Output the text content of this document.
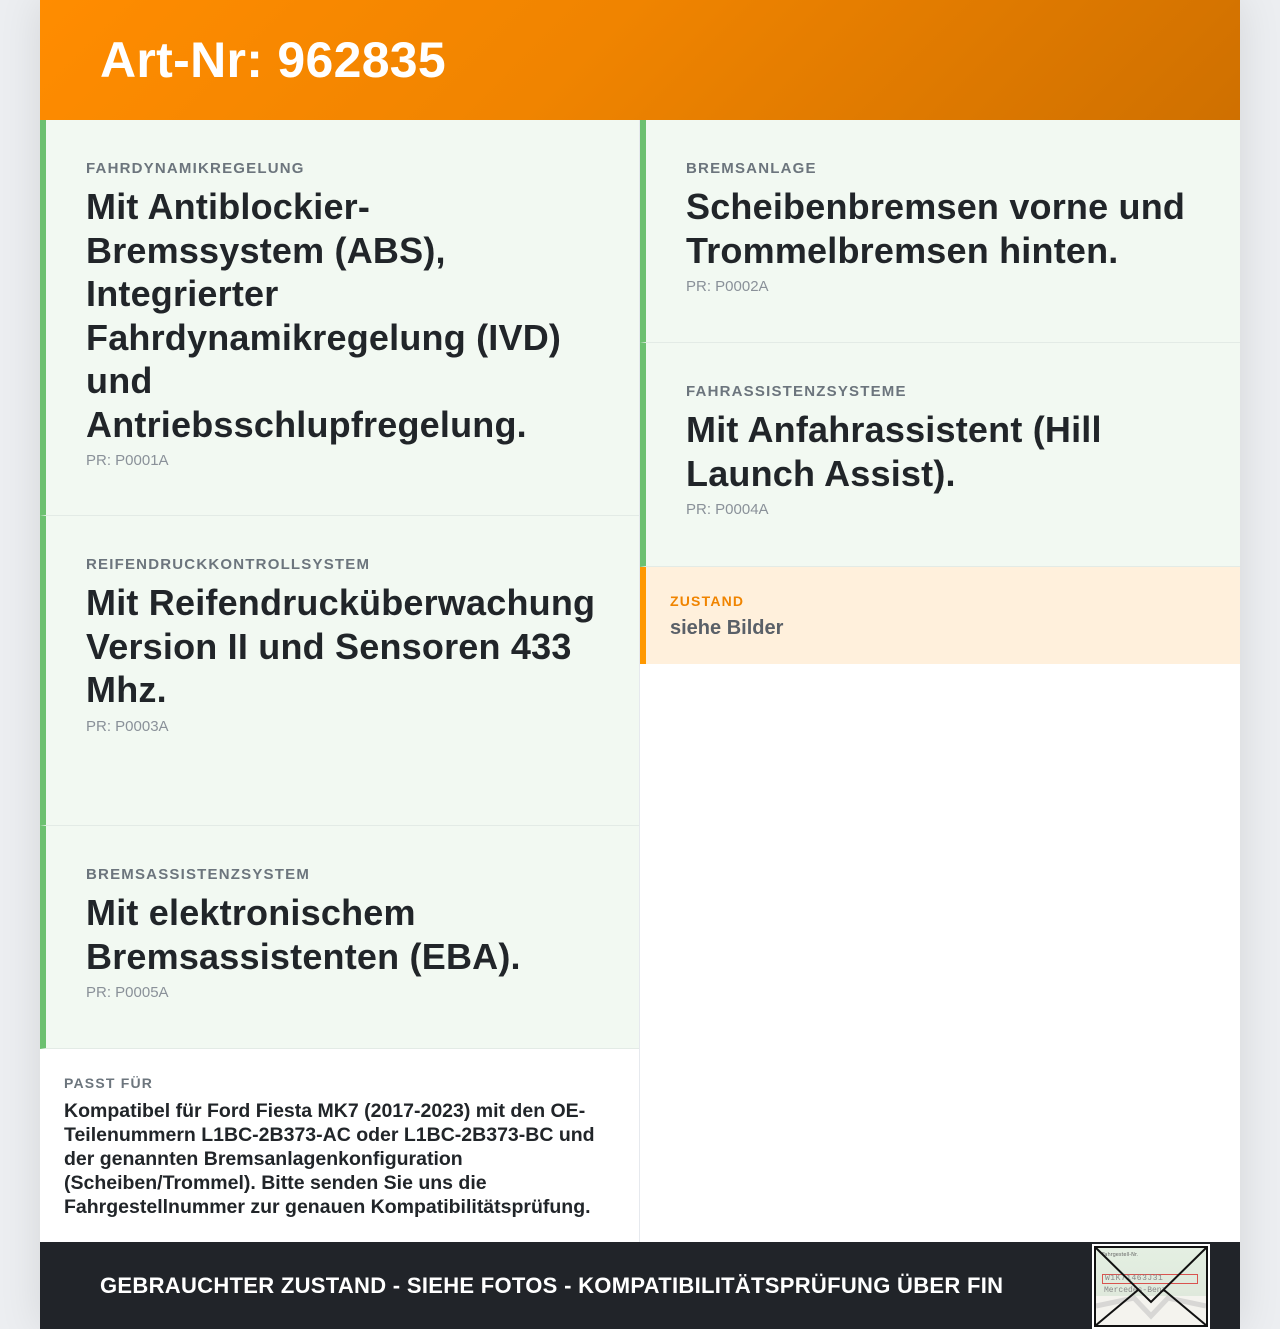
Art-Nr: 962835
FAHRDYNAMIKREGELUNG
Mit Antiblockier-Bremssystem (ABS), Integrierter Fahrdynamikregelung (IVD) und Antriebsschlupfregelung.
PR: P0001A
REIFENDRUCKKONTROLLSYSTEM
Mit Reifendrucküberwachung Version II und Sensoren 433 Mhz.
PR: P0003A
BREMSASSISTENZSYSTEM
Mit elektronischem Bremsassistenten (EBA).
PR: P0005A
PASST FÜR
Kompatibel für Ford Fiesta MK7 (2017-2023) mit den OE-Teilenummern L1BC-2B373-AC oder L1BC-2B373-BC und der genannten Bremsanlagenkonfiguration (Scheiben/Trommel). Bitte senden Sie uns die Fahrgestellnummer zur genauen Kompatibilitätsprüfung.
BREMSANLAGE
Scheibenbremsen vorne und Trommelbremsen hinten.
PR: P0002A
FAHRASSISTENZSYSTEME
Mit Anfahrassistent (Hill Launch Assist).
PR: P0004A
ZUSTAND
siehe Bilder
GEBRAUCHTER ZUSTAND - SIEHE FOTOS - KOMPATIBILITÄTSPRÜFUNG ÜBER FIN
Fahrgestell-Nr.
W1K71463J31
Mercedes-Benz
